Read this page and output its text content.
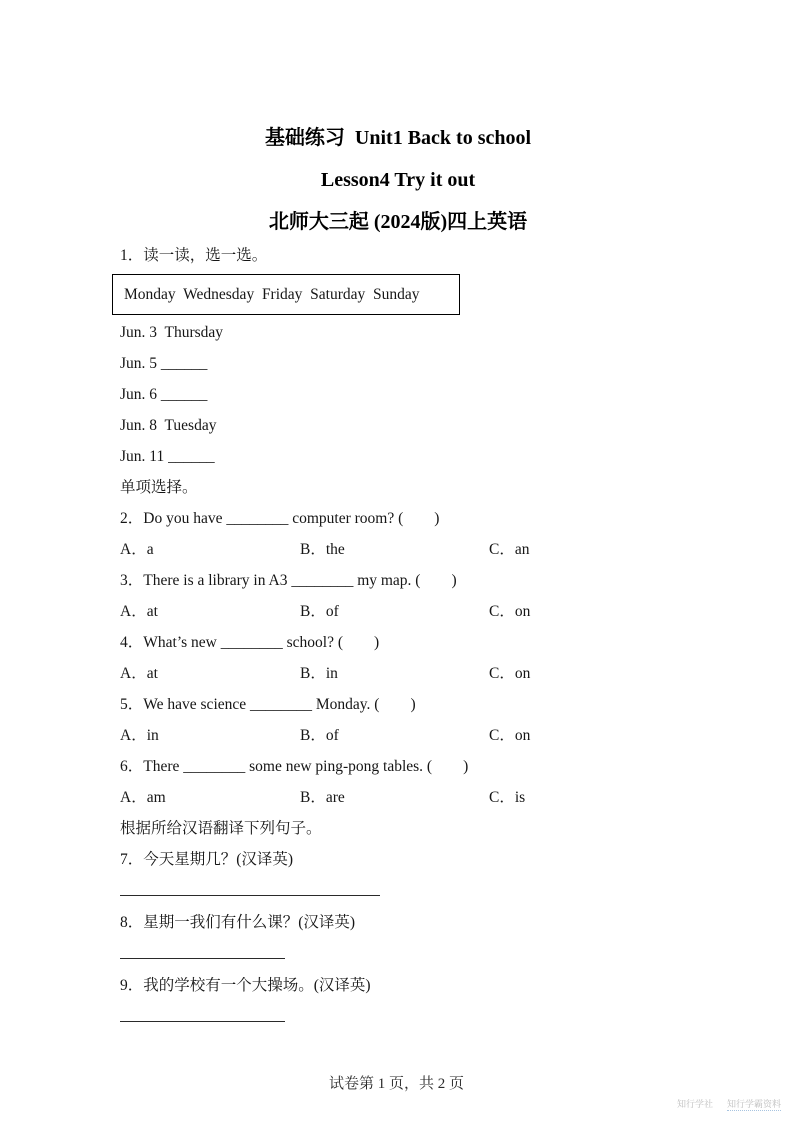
基础练习  Unit1 Back to school
Lesson4 Try it out
北师大三起 (2024版)四上英语
1．读一读，选一选。
Monday  Wednesday  Friday  Saturday  Sunday
Jun. 3  Thursday
Jun. 5 ______
Jun. 6 ______
Jun. 8  Tuesday
Jun. 11 ______
单项选择。
2．Do you have ________ computer room? (　　)
A．a	B．the	C．an
3．There is a library in A3 ________ my map. (　　)
A．at	B．of	C．on
4．What’s new ________ school? (　　)
A．at	B．in	C．on
5．We have science ________ Monday. (　　)
A．in	B．of	C．on
6．There ________ some new ping-pong tables. (　　)
A．am	B．are	C．is
根据所给汉语翻译下列句子。
7．今天星期几？(汉译英)
8．星期一我们有什么课？(汉译英)
9．我的学校有一个大操场。(汉译英)
试卷第 1 页，共 2 页
知行学社 知行学霸资料
